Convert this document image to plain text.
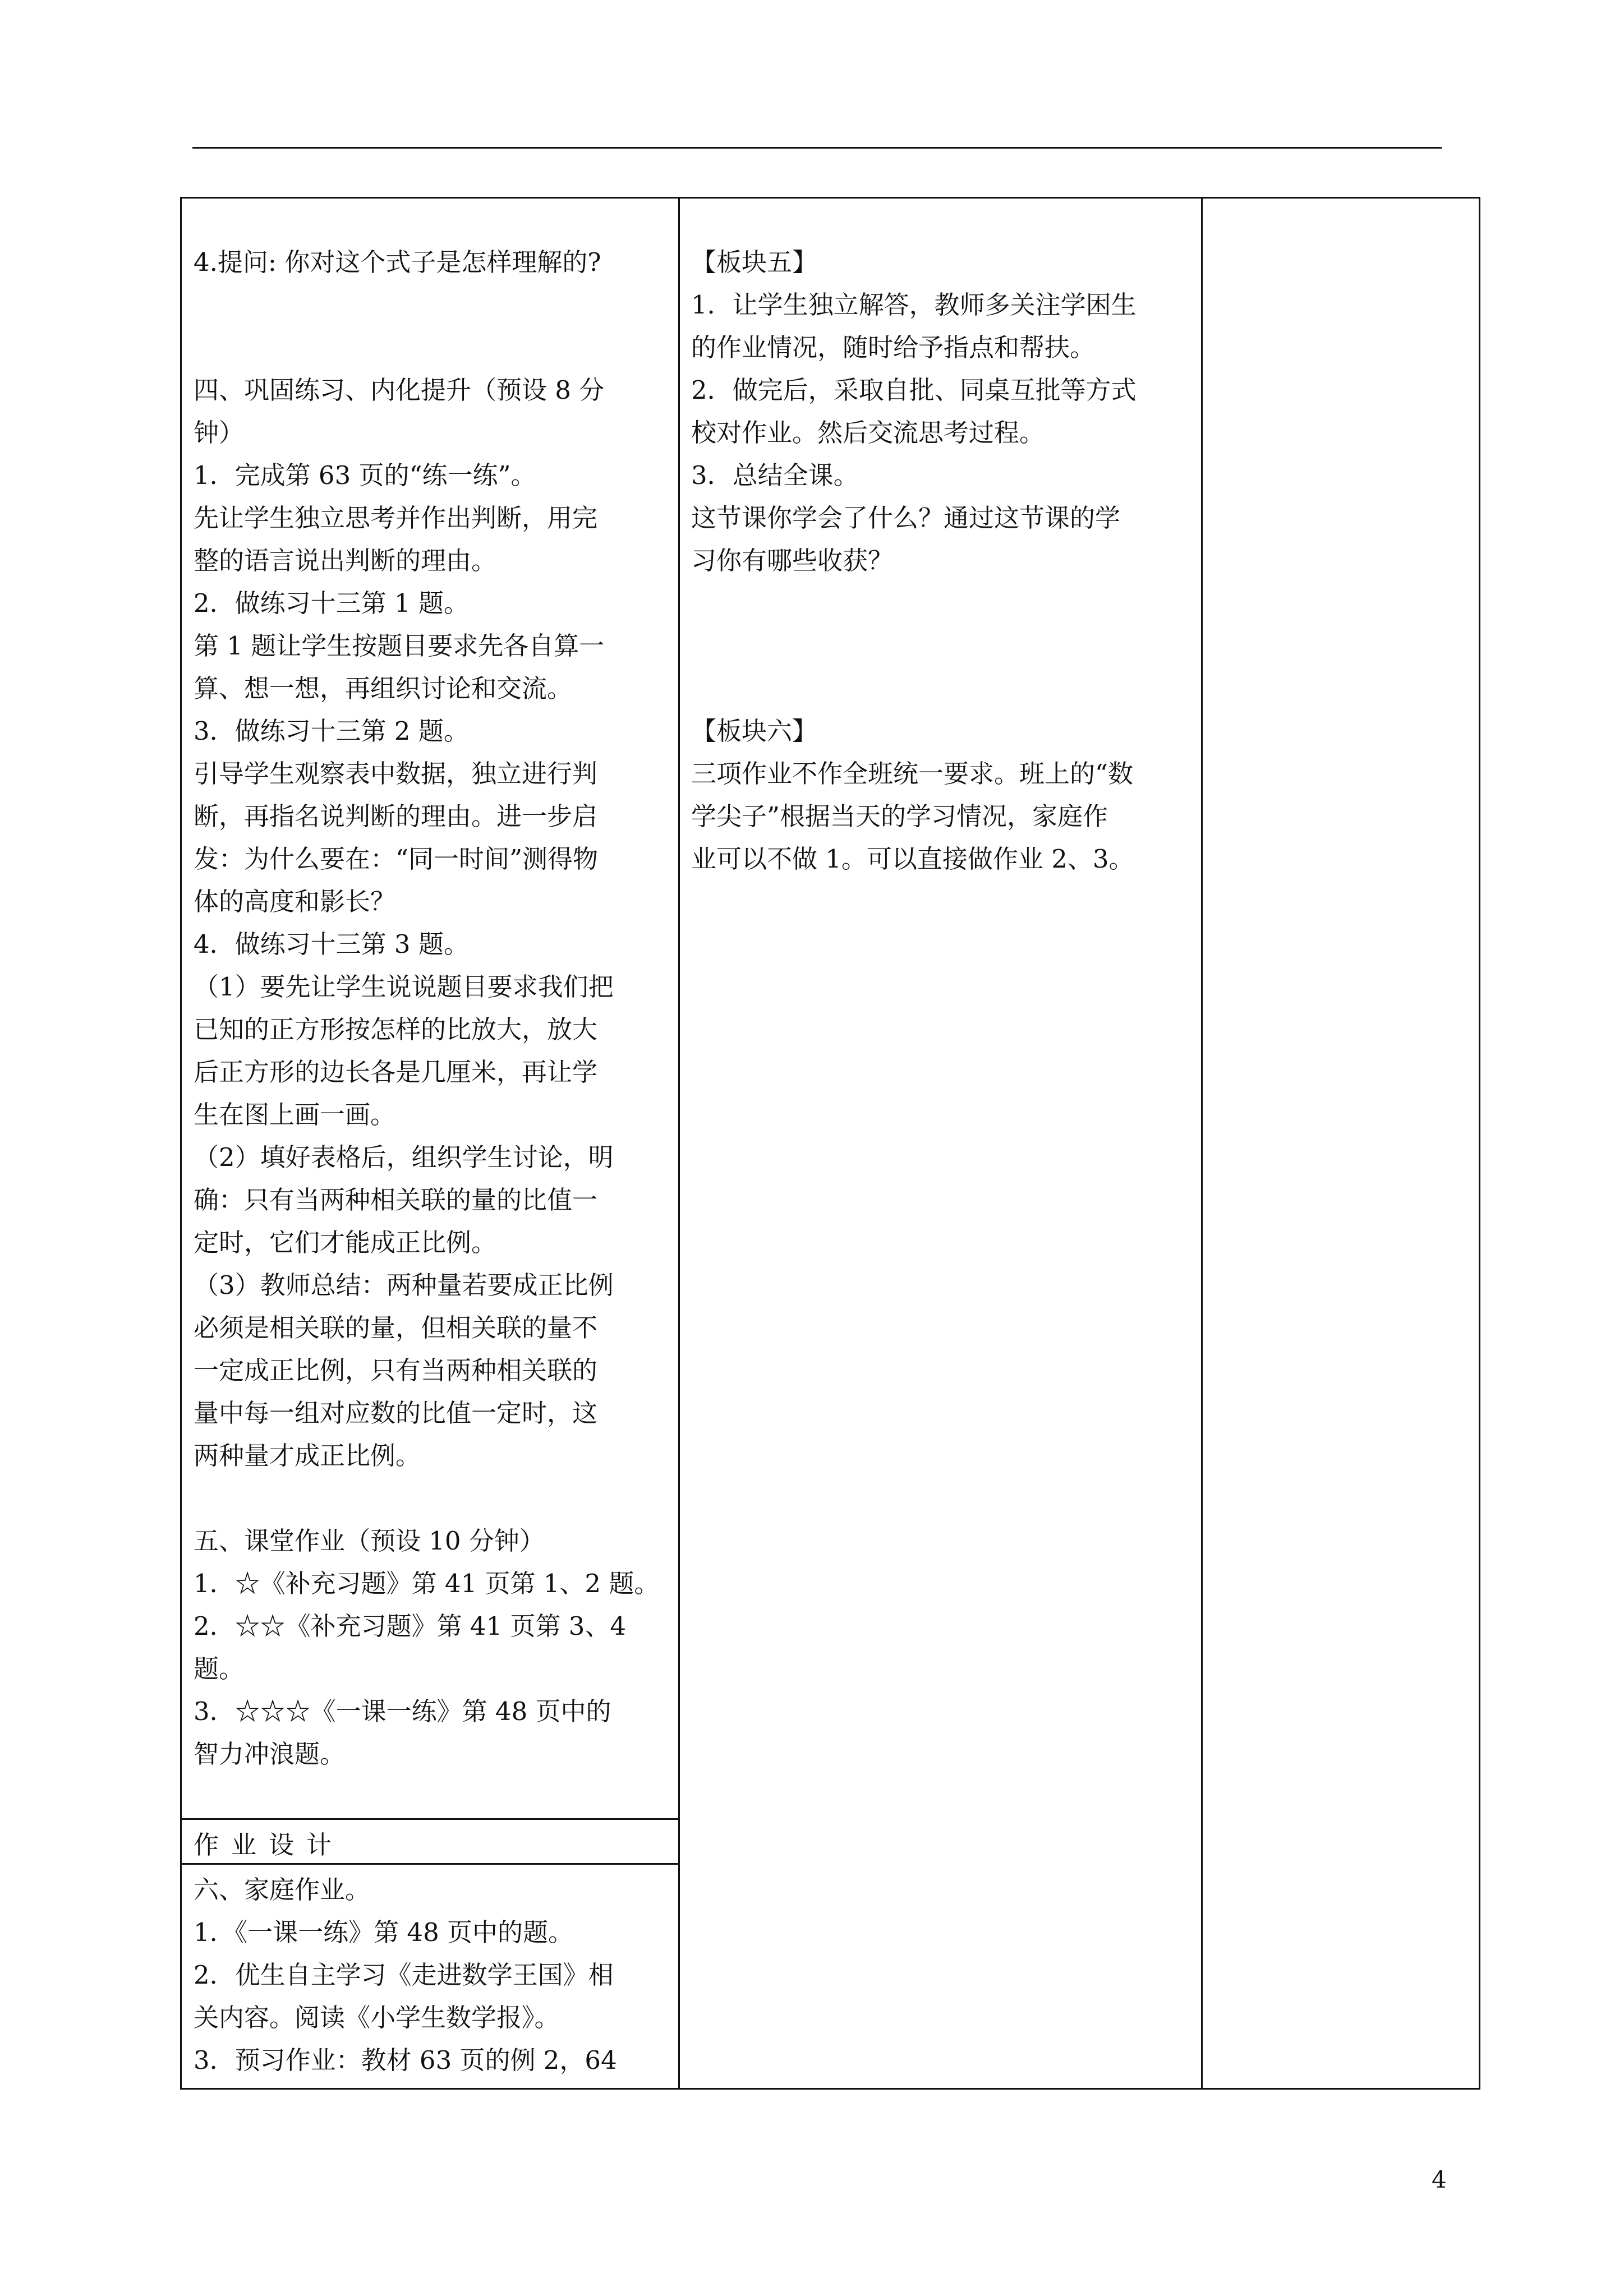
4.提问: 你对这个式子是怎样理解的?
四、巩固练习、内化提升（预设 8 分
钟）
1．完成第 63 页的“练一练”。
先让学生独立思考并作出判断，用完
整的语言说出判断的理由。
2．做练习十三第 1 题。
第 1 题让学生按题目要求先各自算一
算、想一想，再组织讨论和交流。
3．做练习十三第 2 题。
引导学生观察表中数据，独立进行判
断，再指名说判断的理由。进一步启
发：为什么要在：“同一时间”测得物
体的高度和影长？
4．做练习十三第 3 题。
（1）要先让学生说说题目要求我们把
已知的正方形按怎样的比放大，放大
后正方形的边长各是几厘米，再让学
生在图上画一画。
（2）填好表格后，组织学生讨论，明
确：只有当两种相关联的量的比值一
定时，它们才能成正比例。
（3）教师总结：两种量若要成正比例
必须是相关联的量，但相关联的量不
一定成正比例，只有当两种相关联的
量中每一组对应数的比值一定时，这
两种量才成正比例。
五、课堂作业（预设 10 分钟）
1．☆《补充习题》第 41 页第 1、2 题。
2．☆☆《补充习题》第 41 页第 3、4
题。
3．☆☆☆《一课一练》第 48 页中的
智力冲浪题。
作业设计
六、家庭作业。
1．《一课一练》第 48 页中的题。
2．优生自主学习《走进数学王国》相
关内容。阅读《小学生数学报》。
3．预习作业：教材 63 页的例 2，64
【板块五】
1．让学生独立解答，教师多关注学困生
的作业情况，随时给予指点和帮扶。
2．做完后，采取自批、同桌互批等方式
校对作业。然后交流思考过程。
3．总结全课。
这节课你学会了什么？通过这节课的学
习你有哪些收获？
【板块六】
三项作业不作全班统一要求。班上的“数
学尖子”根据当天的学习情况，家庭作
业可以不做 1。可以直接做作业 2、3。
4
